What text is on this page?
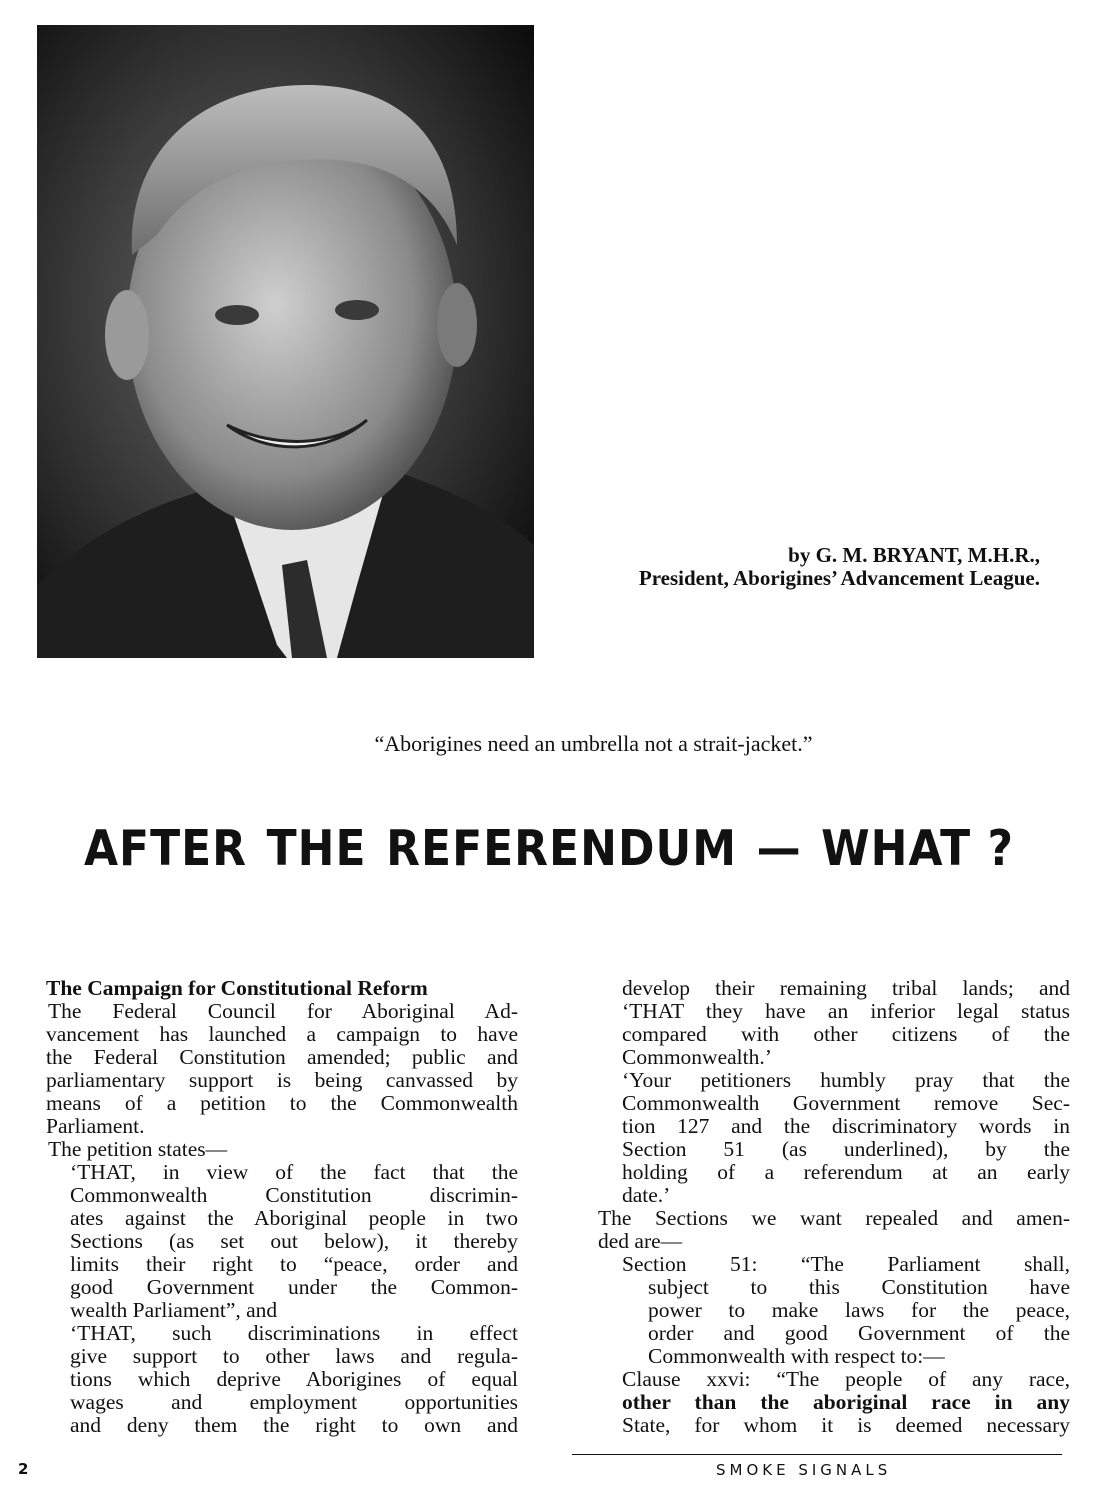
by G. M. BRYANT, M.H.R.,
President, Aborigines’ Advancement League.
“Aborigines need an umbrella not a strait-jacket.”
AFTER THE REFERENDUM — WHAT ?
The Campaign for Constitutional Reform
The Federal Council for Aboriginal Ad-
vancement has launched a campaign to have
the Federal Constitution amended; public and
parliamentary support is being canvassed by
means of a petition to the Commonwealth
Parliament.
The petition states—
‘THAT, in view of the fact that the
Commonwealth Constitution discrimin-
ates against the Aboriginal people in two
Sections (as set out below), it thereby
limits their right to “peace, order and
good Government under the Common-
wealth Parliament”, and
‘THAT, such discriminations in effect
give support to other laws and regula-
tions which deprive Aborigines of equal
wages and employment opportunities
and deny them the right to own and
develop their remaining tribal lands; and
‘THAT they have an inferior legal status
compared with other citizens of the
Commonwealth.’
‘Your petitioners humbly pray that the
Commonwealth Government remove Sec-
tion 127 and the discriminatory words in
Section 51 (as underlined), by the
holding of a referendum at an early
date.’
The Sections we want repealed and amen-
ded are—
Section 51: “The Parliament shall,
subject to this Constitution have
power to make laws for the peace,
order and good Government of the
Commonwealth with respect to:—
Clause xxvi: “The people of any race,
other than the aboriginal race in any
State, for whom it is deemed necessary
2	SMOKE SIGNALS
